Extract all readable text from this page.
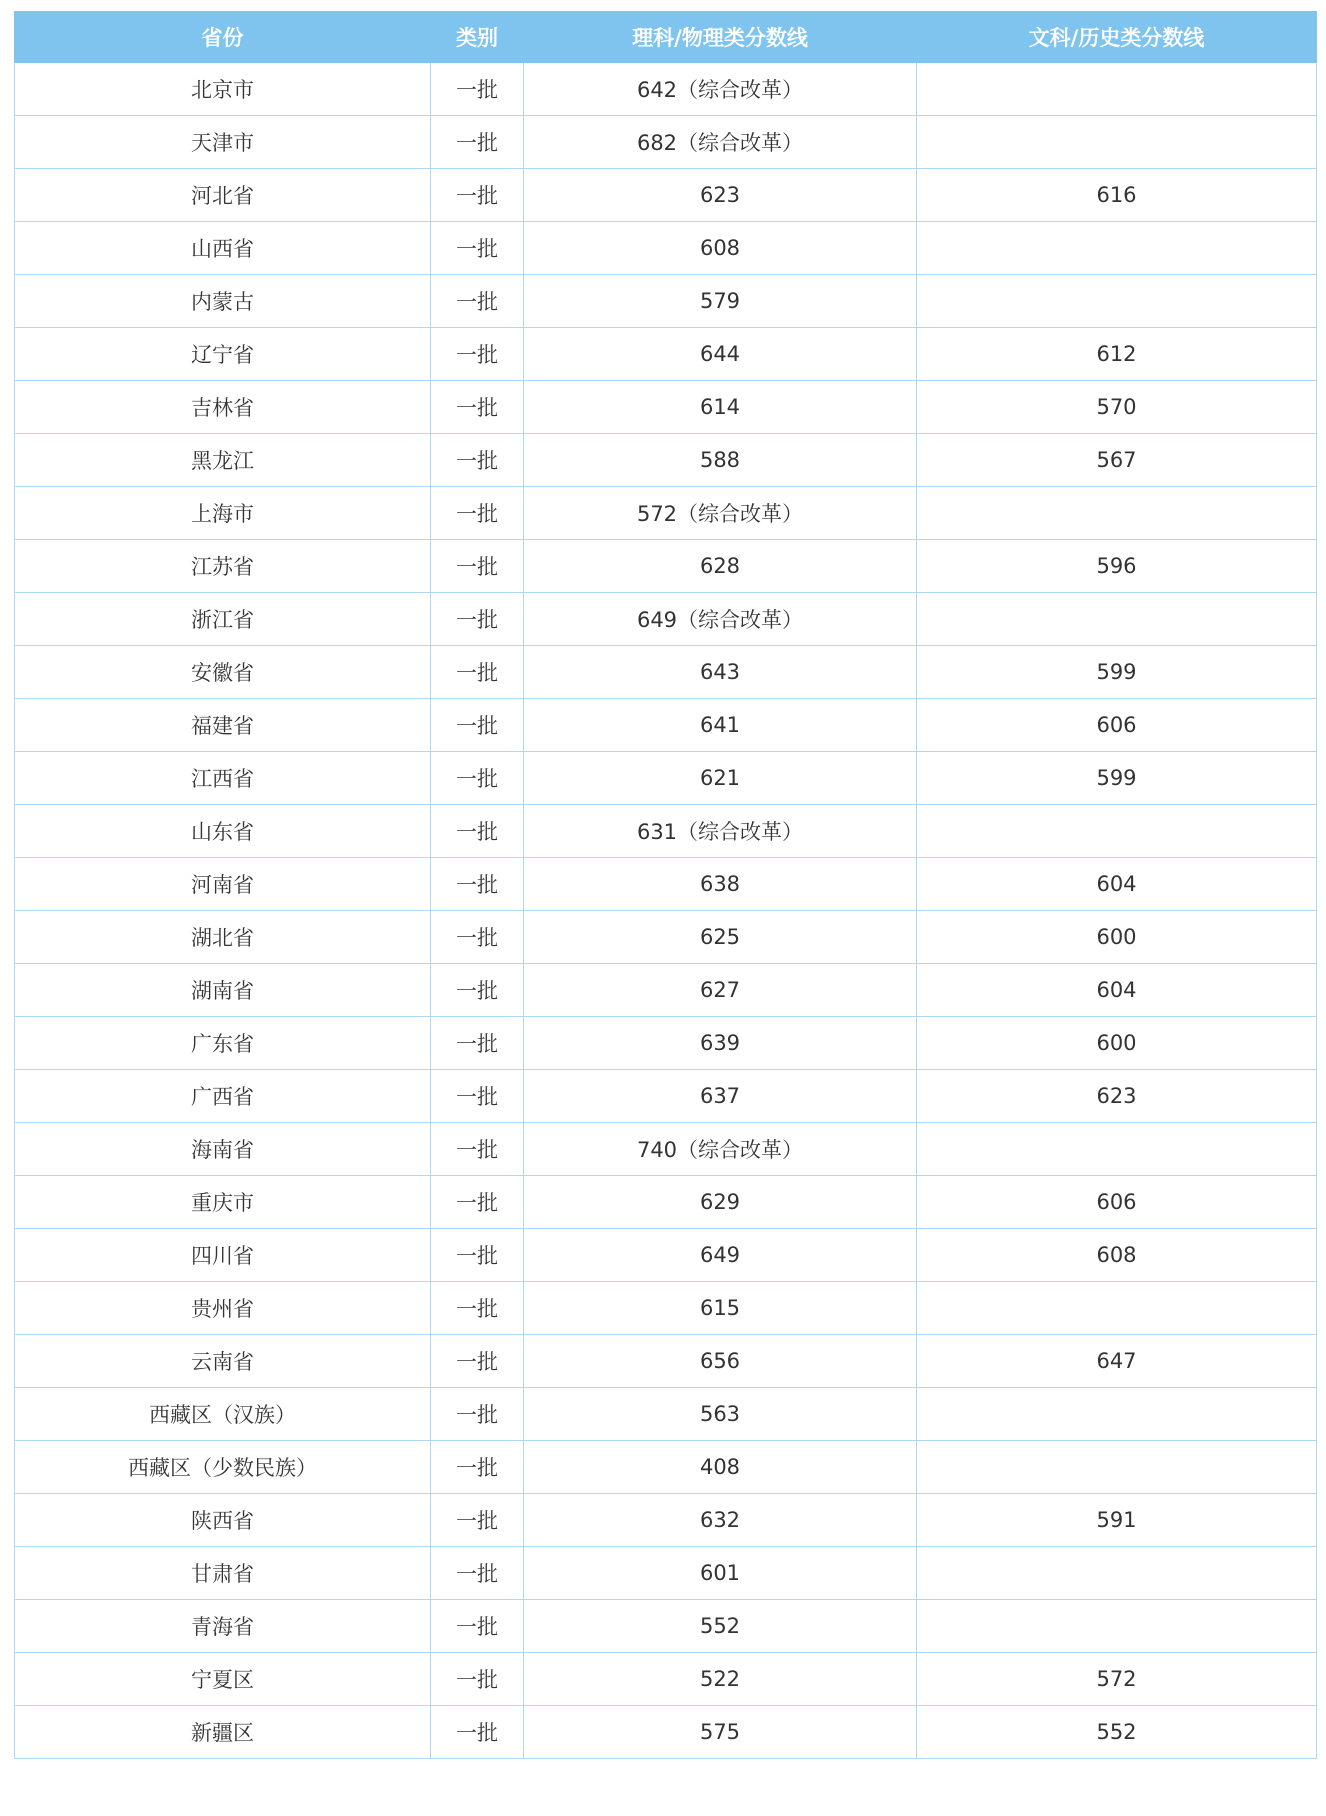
省份	类别	理科/物理类分数线	文科/历史类分数线
北京市	一批	642（综合改革）	
天津市	一批	682（综合改革）	
河北省	一批	623	616
山西省	一批	608	
内蒙古	一批	579	
辽宁省	一批	644	612
吉林省	一批	614	570
黑龙江	一批	588	567
上海市	一批	572（综合改革）	
江苏省	一批	628	596
浙江省	一批	649（综合改革）	
安徽省	一批	643	599
福建省	一批	641	606
江西省	一批	621	599
山东省	一批	631（综合改革）	
河南省	一批	638	604
湖北省	一批	625	600
湖南省	一批	627	604
广东省	一批	639	600
广西省	一批	637	623
海南省	一批	740（综合改革）	
重庆市	一批	629	606
四川省	一批	649	608
贵州省	一批	615	
云南省	一批	656	647
西藏区（汉族）	一批	563	
西藏区（少数民族）	一批	408	
陕西省	一批	632	591
甘肃省	一批	601	
青海省	一批	552	
宁夏区	一批	522	572
新疆区	一批	575	552
